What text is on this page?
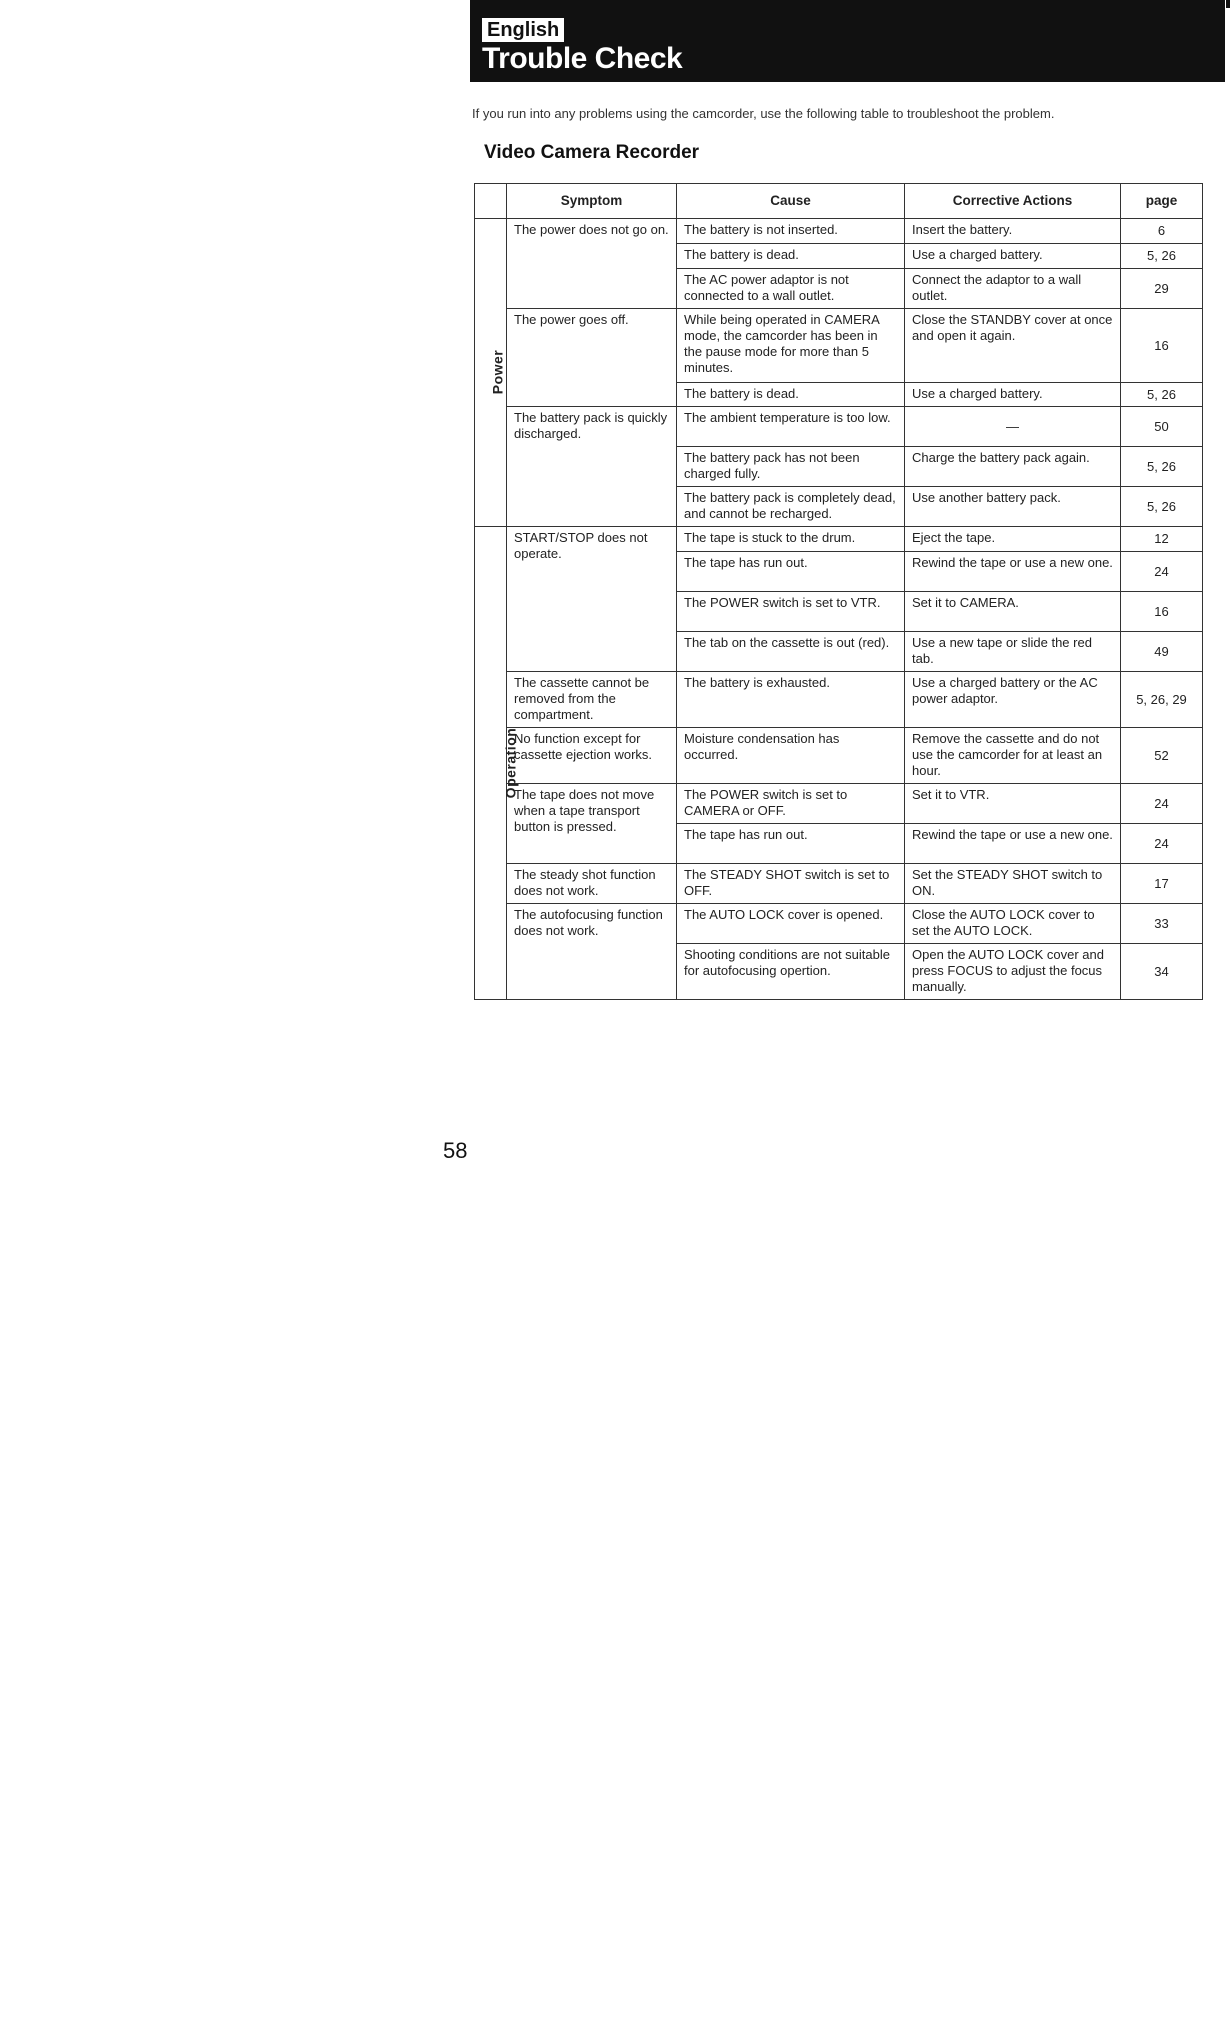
English
Trouble Check
If you run into any problems using the camcorder, use the following table to troubleshoot the problem.
Video Camera Recorder
	Symptom	Cause	Corrective Actions	page
Power	The power does not go on.	The battery is not inserted.	Insert the battery.	6
		The battery is dead.	Use a charged battery.	5, 26
		The AC power adaptor is not connected to a wall outlet.	Connect the adaptor to a wall outlet.	29
	The power goes off.	While being operated in CAMERA mode, the camcorder has been in the pause mode for more than 5 minutes.	Close the STANDBY cover at once and open it again.	16
		The battery is dead.	Use a charged battery.	5, 26
	The battery pack is quickly discharged.	The ambient temperature is too low.	—	50
		The battery pack has not been charged fully.	Charge the battery pack again.	5, 26
		The battery pack is completely dead, and cannot be recharged.	Use another battery pack.	5, 26
Operation	START/STOP does not operate.	The tape is stuck to the drum.	Eject the tape.	12
		The tape has run out.	Rewind the tape or use a new one.	24
		The POWER switch is set to VTR.	Set it to CAMERA.	16
		The tab on the cassette is out (red).	Use a new tape or slide the red tab.	49
	The cassette cannot be removed from the compartment.	The battery is exhausted.	Use a charged battery or the AC power adaptor.	5, 26, 29
	No function except for cassette ejection works.	Moisture condensation has occurred.	Remove the cassette and do not use the camcorder for at least an hour.	52
	The tape does not move when a tape transport button is pressed.	The POWER switch is set to CAMERA or OFF.	Set it to VTR.	24
		The tape has run out.	Rewind the tape or use a new one.	24
	The steady shot function does not work.	The STEADY SHOT switch is set to OFF.	Set the STEADY SHOT switch to ON.	17
	The autofocusing function does not work.	The AUTO LOCK cover is opened.	Close the AUTO LOCK cover to set the AUTO LOCK.	33
		Shooting conditions are not suitable for autofocusing opertion.	Open the AUTO LOCK cover and press FOCUS to adjust the focus manually.	34
58
